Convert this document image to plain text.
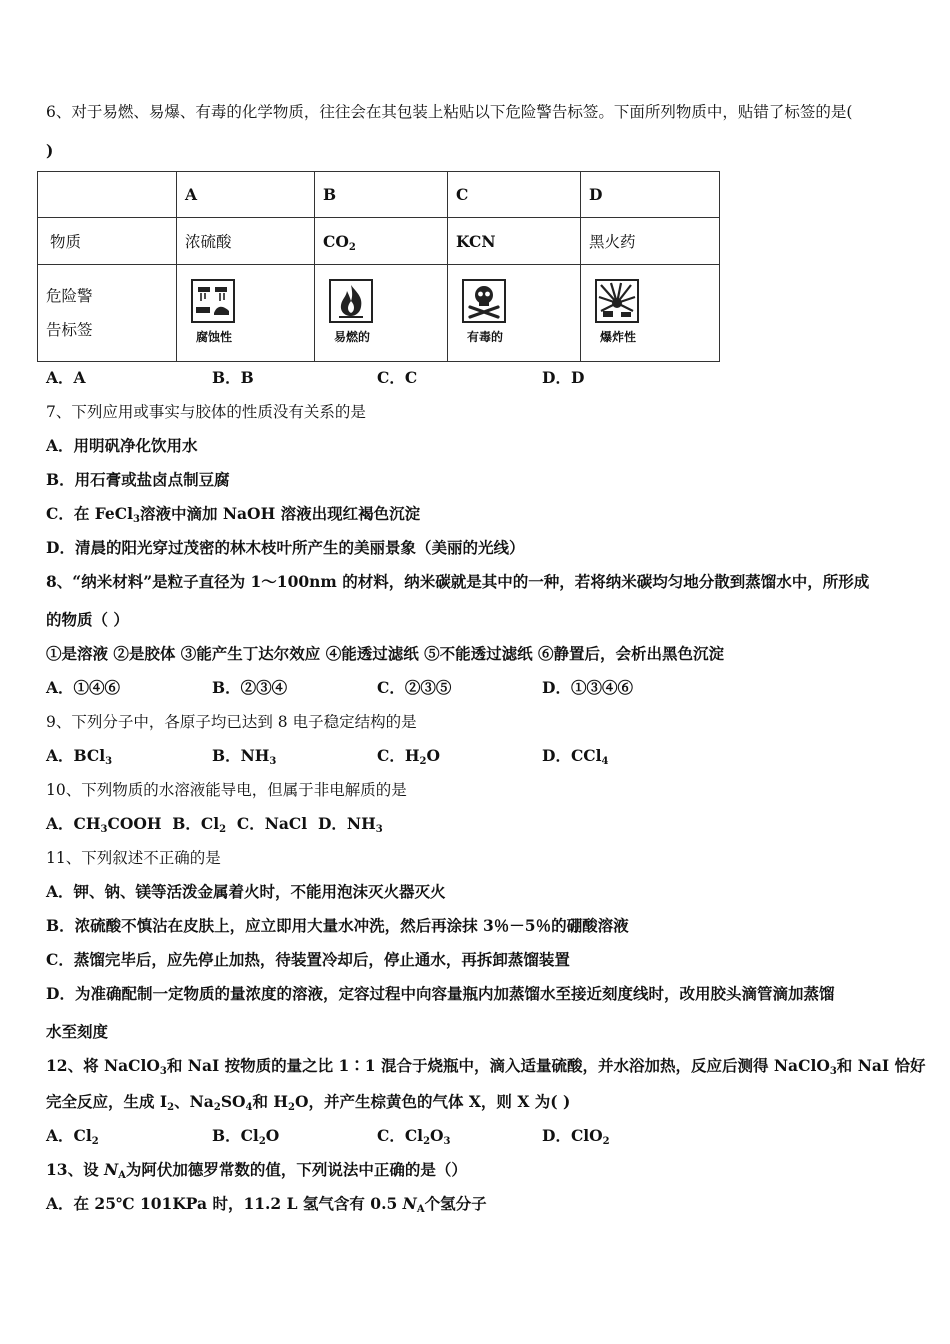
6、对于易燃、易爆、有毒的化学物质，往往会在其包装上粘贴以下危险警告标签。下面所列物质中，贴错了标签的是(
)
	A	B	C	D
物质	浓硫酸	$CO_2$	KCN	黑火药

危险警
告标签	腐蚀性	易燃的	有毒的	爆炸性
A．A	B．B	C．C	D．D
7、下列应用或事实与胶体的性质没有关系的是
A．用明矾净化饮用水
B．用石膏或盐卤点制豆腐
C．在 FeCl$_3$溶液中滴加 NaOH 溶液出现红褐色沉淀
D．清晨的阳光穿过茂密的林木枝叶所产生的美丽景象（美丽的光线）
8、“纳米材料”是粒子直径为 1～100nm 的材料，纳米碳就是其中的一种，若将纳米碳均匀地分散到蒸馏水中，所形成
的物质（ ）
①是溶液 ②是胶体 ③能产生丁达尔效应 ④能透过滤纸 ⑤不能透过滤纸 ⑥静置后，会析出黑色沉淀
A．①④⑥	B．②③④	C．②③⑤	D．①③④⑥
9、下列分子中，各原子均已达到 8 电子稳定结构的是
A．BCl$_3$	B．$NH_3$	C．$H_2O$	D．CCl$_4$
10、下列物质的水溶液能导电，但属于非电解质的是
A．$CH_3COOH$ B．$Cl_2$ C．NaCl D．$NH_3$
11、下列叙述不正确的是
A．钾、钠、镁等活泼金属着火时，不能用泡沫灭火器灭火
B．浓硫酸不慎沾在皮肤上，应立即用大量水冲洗，然后再涂抹 3％－5％的硼酸溶液
C．蒸馏完毕后，应先停止加热，待装置冷却后，停止通水，再拆卸蒸馏装置
D．为准确配制一定物质的量浓度的溶液，定容过程中向容量瓶内加蒸馏水至接近刻度线时，改用胶头滴管滴加蒸馏
水至刻度
12、将 NaClO$_3$和 NaI 按物质的量之比 1∶1 混合于烧瓶中，滴入适量硫酸，并水浴加热，反应后测得 NaClO$_3$和 NaI 恰好
完全反应，生成 $I_2$、$Na_2SO_4$和 $H_2O$，并产生棕黄色的气体 X，则 X 为( )
A．$Cl_2$	B．$Cl_2O$	C．$Cl_2O_3$	D．ClO$_2$
13、设 $N_A$为阿伏加德罗常数的值，下列说法中正确的是（）
A．在 25℃ 101KPa 时，11.2 L 氢气含有 0.5 $N_A$个氢分子
